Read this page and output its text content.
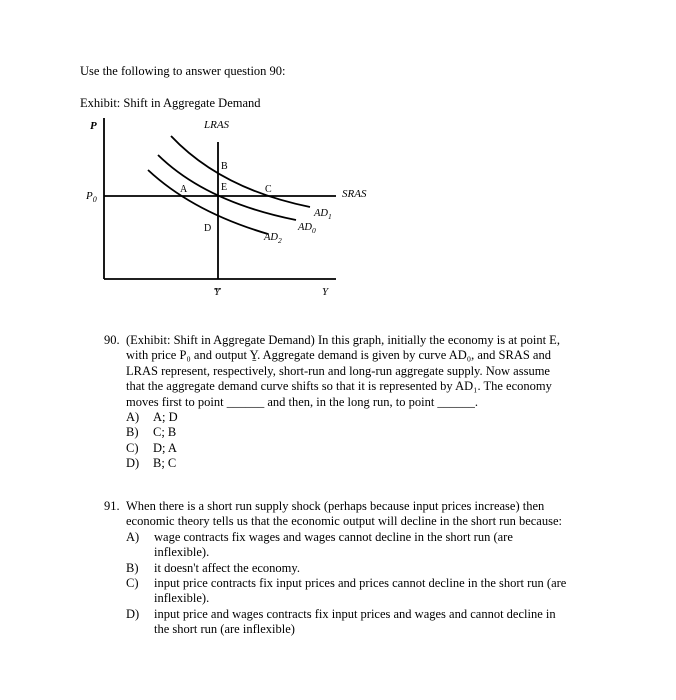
Use the following to answer question 90:
Exhibit: Shift in Aggregate Demand
P	LRAS
$P_0$	SRAS
A
B
E	C
D
$AD_1$
$AD_0$
$AD_2$
Y	Y
90. (Exhibit: Shift in Aggregate Demand) In this graph, initially the economy is at point E,
with price P₀ and output Y̱. Aggregate demand is given by curve AD₀, and SRAS and
LRAS represent, respectively, short-run and long-run aggregate supply. Now assume
that the aggregate demand curve shifts so that it is represented by AD₁. The economy
moves first to point ______ and then, in the long run, to point ______.
A) A; D
B) C; B
C) D; A
D) B; C
91. When there is a short run supply shock (perhaps because input prices increase) then
economic theory tells us that the economic output will decline in the short run because:
A) wage contracts fix wages and wages cannot decline in the short run (are
inflexible).
B) it doesn't affect the economy.
C) input price contracts fix input prices and prices cannot decline in the short run (are
inflexible).
D) input price and wages contracts fix input prices and wages and cannot decline in
the short run (are inflexible)
